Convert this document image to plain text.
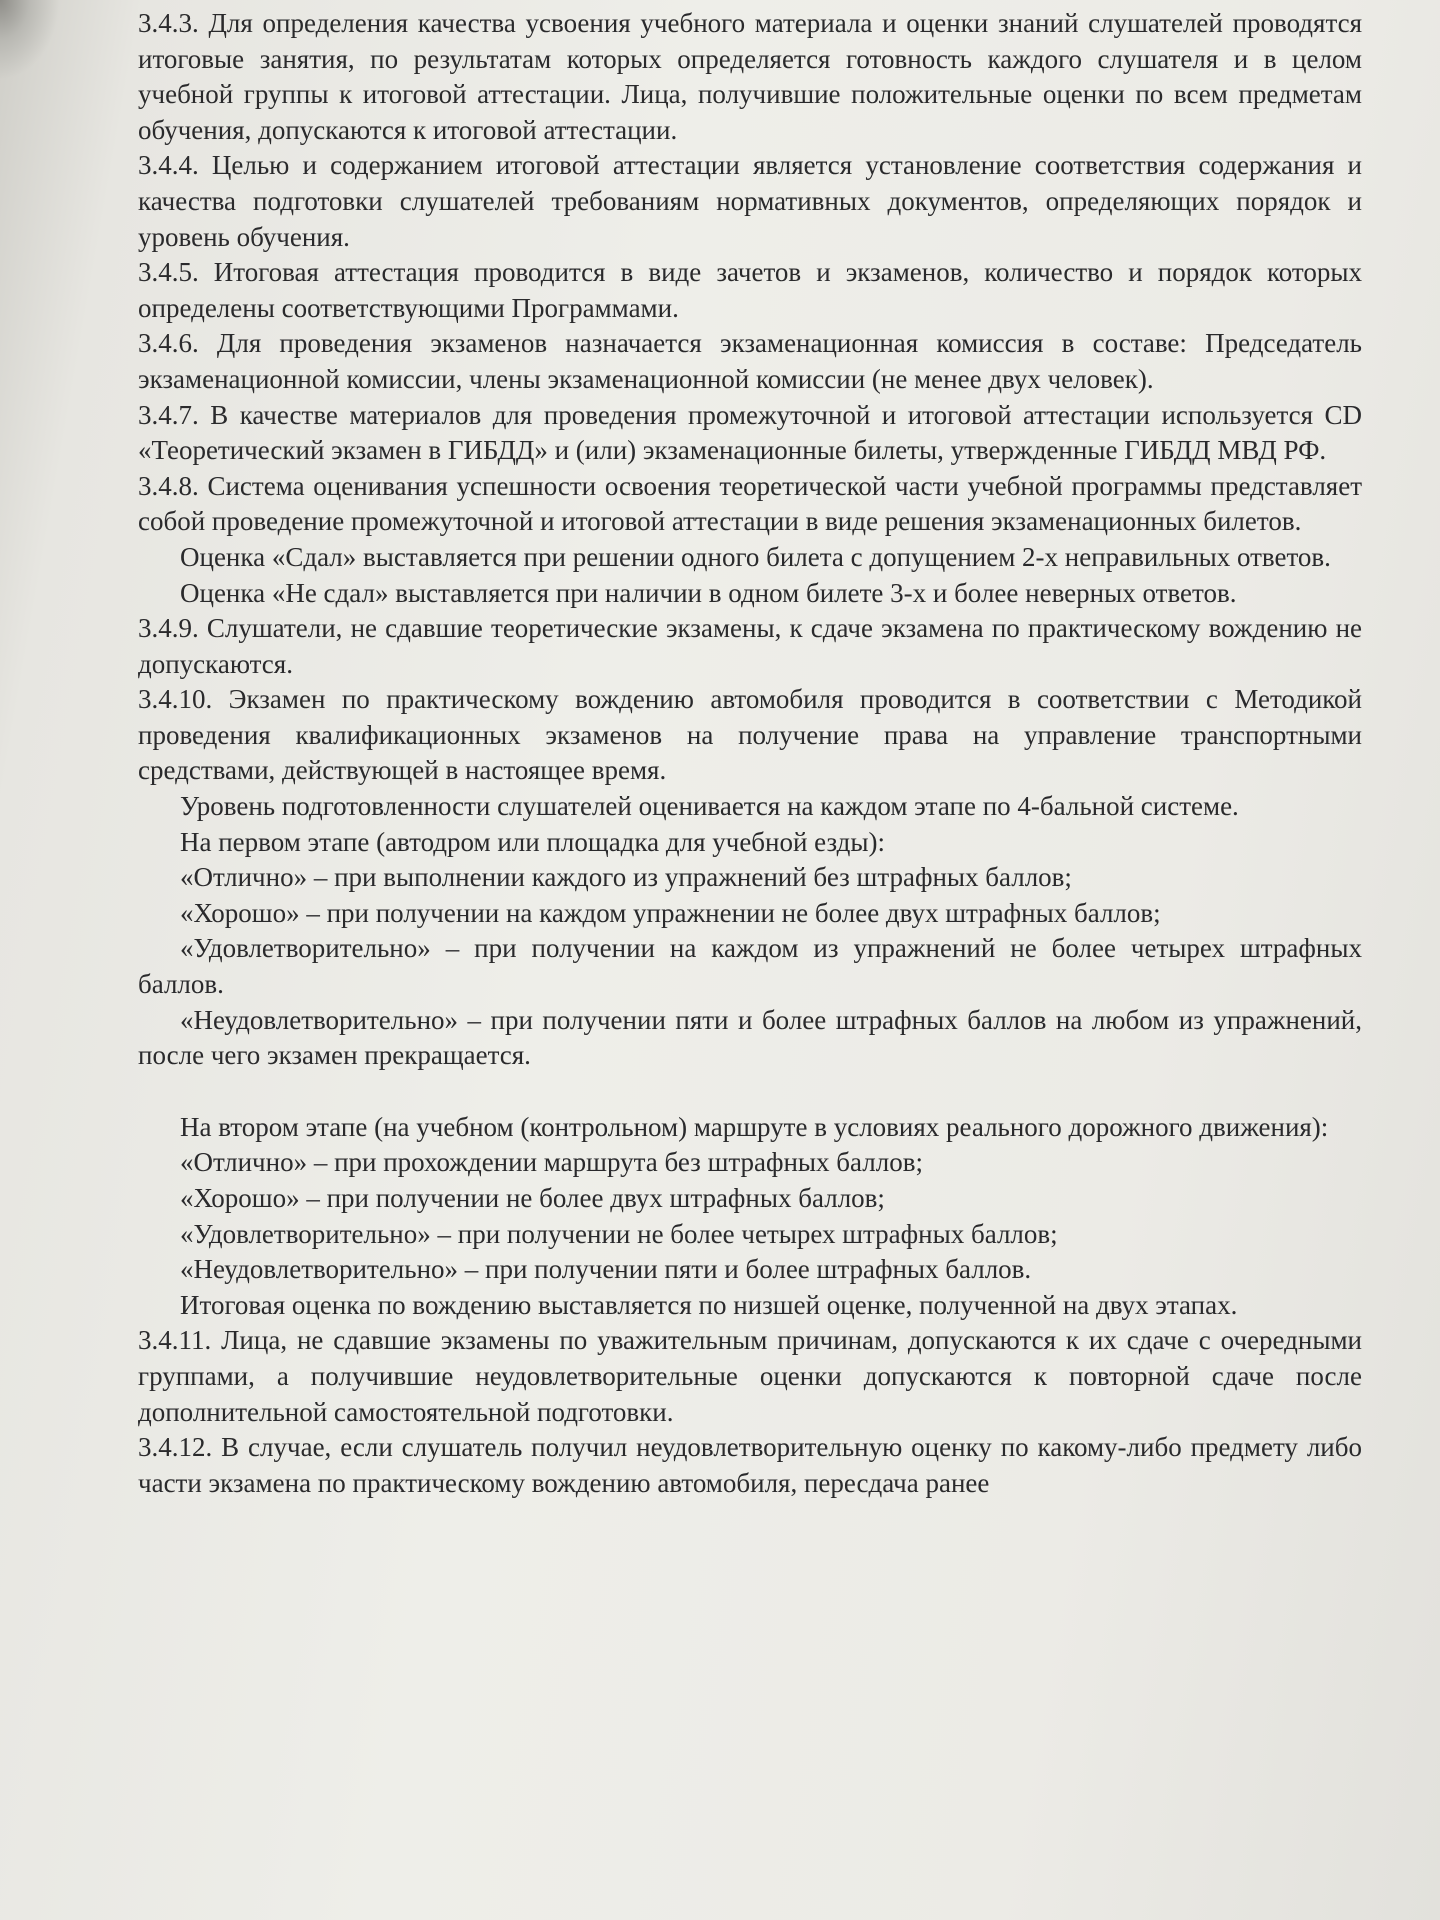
3.4.3. Для определения качества усвоения учебного материала и оценки знаний слушателей проводятся итоговые занятия, по результатам которых определяется готовность каждого слушателя и в целом учебной группы к итоговой аттестации. Лица, получившие положительные оценки по всем предметам обучения, допускаются к итоговой аттестации.

3.4.4. Целью и содержанием итоговой аттестации является установление соответствия содержания и качества подготовки слушателей требованиям нормативных документов, определяющих порядок и уровень обучения.

3.4.5. Итоговая аттестация проводится в виде зачетов и экзаменов, количество и порядок которых определены соответствующими Программами.

3.4.6. Для проведения экзаменов назначается экзаменационная комиссия в составе: Председатель экзаменационной комиссии, члены экзаменационной комиссии (не менее двух человек).

3.4.7. В качестве материалов для проведения промежуточной и итоговой аттестации используется CD «Теоретический экзамен в ГИБДД» и (или) экзаменационные билеты, утвержденные ГИБДД МВД РФ.

3.4.8. Система оценивания успешности освоения теоретической части учебной программы представляет собой проведение промежуточной и итоговой аттестации в виде решения экзаменационных билетов.

Оценка «Сдал» выставляется при решении одного билета с допущением 2-х неправильных ответов.

Оценка «Не сдал» выставляется при наличии в одном билете 3-х и более неверных ответов.

3.4.9. Слушатели, не сдавшие теоретические экзамены, к сдаче экзамена по практическому вождению не допускаются.

3.4.10. Экзамен по практическому вождению автомобиля проводится в соответствии с Методикой проведения квалификационных экзаменов на получение права на управление транспортными средствами, действующей в настоящее время.

Уровень подготовленности слушателей оценивается на каждом этапе по 4-бальной системе.

На первом этапе (автодром или площадка для учебной езды):

«Отлично» – при выполнении каждого из упражнений без штрафных баллов;

«Хорошо» – при получении на каждом упражнении не более двух штрафных баллов;

«Удовлетворительно» – при получении на каждом из упражнений не более четырех штрафных баллов.

«Неудовлетворительно» – при получении пяти и более штрафных баллов на любом из упражнений, после чего экзамен прекращается.

На втором этапе (на учебном (контрольном) маршруте в условиях реального дорожного движения):

«Отлично» – при прохождении маршрута без штрафных баллов;

«Хорошо» – при получении не более двух штрафных баллов;

«Удовлетворительно» – при получении не более четырех штрафных баллов;

«Неудовлетворительно» – при получении пяти и более штрафных баллов.

Итоговая оценка по вождению выставляется по низшей оценке, полученной на двух этапах.

3.4.11. Лица, не сдавшие экзамены по уважительным причинам, допускаются к их сдаче с очередными группами, а получившие неудовлетворительные оценки допускаются к повторной сдаче после дополнительной самостоятельной подготовки.

3.4.12. В случае, если слушатель получил неудовлетворительную оценку по какому-либо предмету либо части экзамена по практическому вождению автомобиля, пересдача ранее
